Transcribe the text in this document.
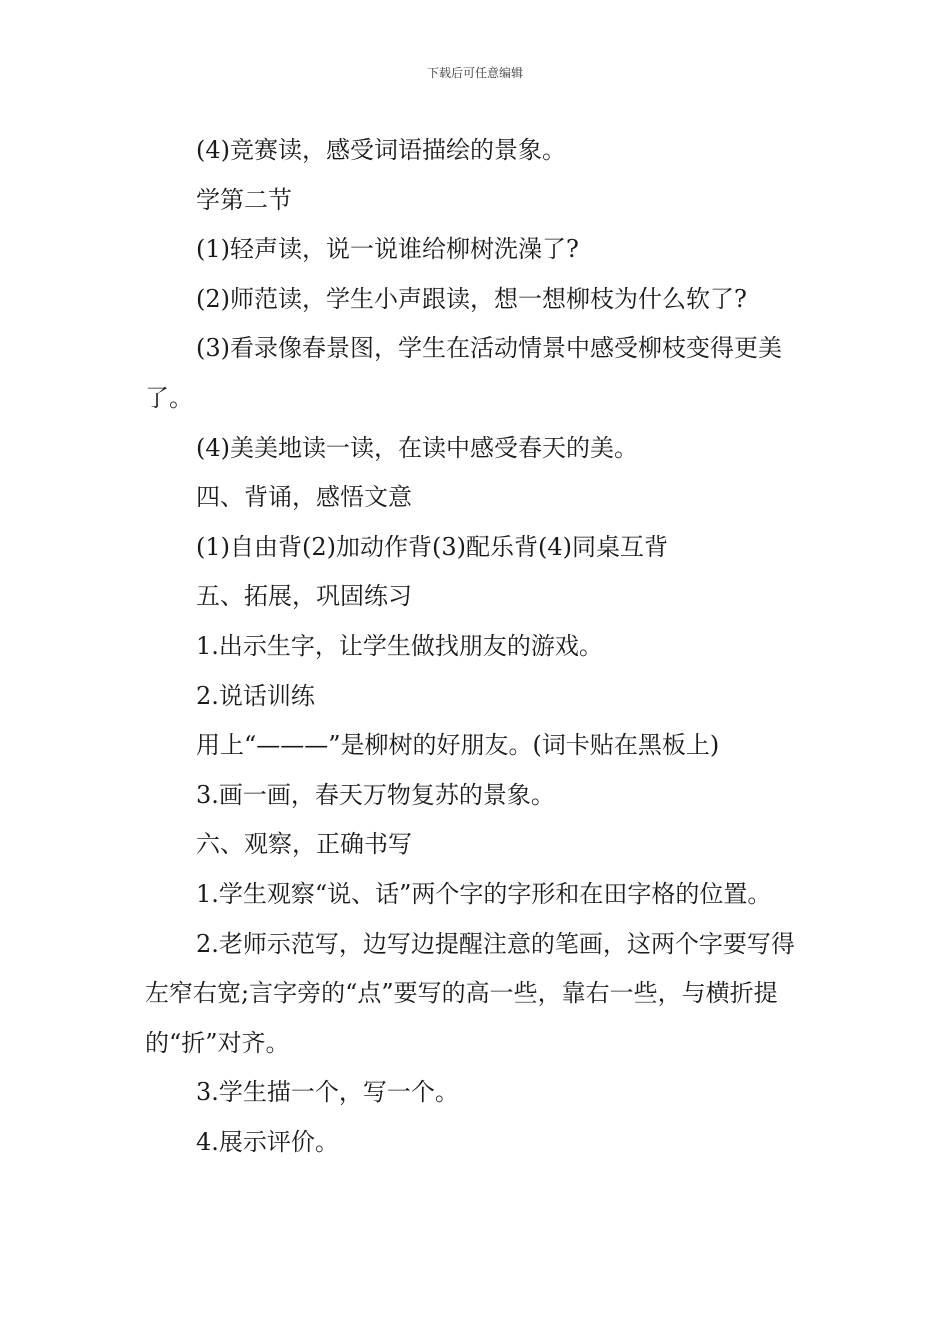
下载后可任意编辑

(4)竞赛读，感受词语描绘的景象。

学第二节

(1)轻声读，说一说谁给柳树洗澡了?

(2)师范读，学生小声跟读，想一想柳枝为什么软了?

(3)看录像春景图，学生在活动情景中感受柳枝变得更美了。

(4)美美地读一读，在读中感受春天的美。

四、背诵，感悟文意

(1)自由背(2)加动作背(3)配乐背(4)同桌互背

五、拓展，巩固练习

1.出示生字，让学生做找朋友的游戏。

2.说话训练

用上“———”是柳树的好朋友。(词卡贴在黑板上)

3.画一画，春天万物复苏的景象。

六、观察，正确书写

1.学生观察“说、话”两个字的字形和在田字格的位置。

2.老师示范写，边写边提醒注意的笔画，这两个字要写得左窄右宽;言字旁的“点”要写的高一些，靠右一些，与横折提的“折”对齐。

3.学生描一个，写一个。

4.展示评价。
